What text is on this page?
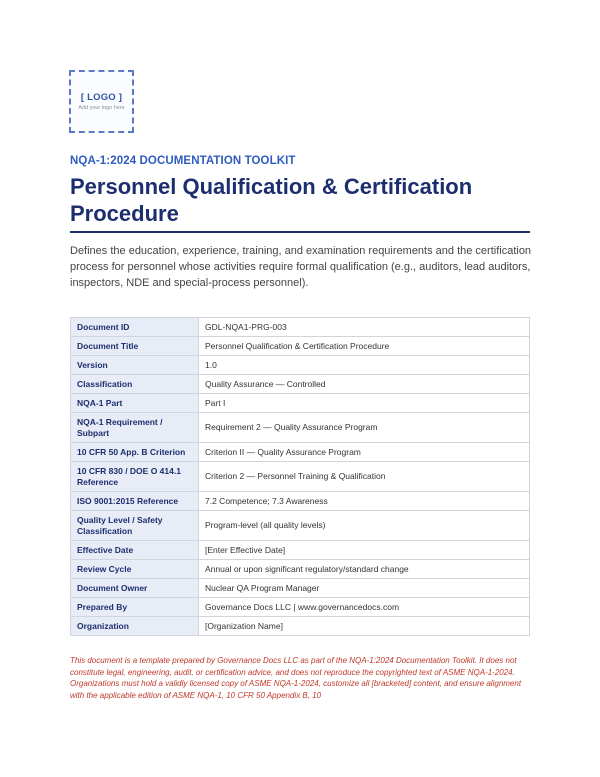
[ LOGO ]
Add your logo here
NQA-1:2024 DOCUMENTATION TOOLKIT
Personnel Qualification & Certification Procedure

Defines the education, experience, training, and examination requirements and the certification process for personnel whose activities require formal qualification (e.g., auditors, lead auditors, inspectors, NDE and special-process personnel).

Document ID	GDL-NQA1-PRG-003
Document Title	Personnel Qualification & Certification Procedure
Version	1.0
Classification	Quality Assurance — Controlled
NQA-1 Part	Part I
NQA-1 Requirement / Subpart	Requirement 2 — Quality Assurance Program
10 CFR 50 App. B Criterion	Criterion II — Quality Assurance Program
10 CFR 830 / DOE O 414.1 Reference	Criterion 2 — Personnel Training & Qualification
ISO 9001:2015 Reference	7.2 Competence; 7.3 Awareness
Quality Level / Safety Classification	Program-level (all quality levels)
Effective Date	[Enter Effective Date]
Review Cycle	Annual or upon significant regulatory/standard change
Document Owner	Nuclear QA Program Manager
Prepared By	Governance Docs LLC | www.governancedocs.com
Organization	[Organization Name]

This document is a template prepared by Governance Docs LLC as part of the NQA-1:2024 Documentation Toolkit. It does not constitute legal, engineering, audit, or certification advice, and does not reproduce the copyrighted text of ASME NQA-1-2024. Organizations must hold a validly licensed copy of ASME NQA-1-2024, customize all [bracketed] content, and ensure alignment with the applicable edition of ASME NQA-1, 10 CFR 50 Appendix B, 10
